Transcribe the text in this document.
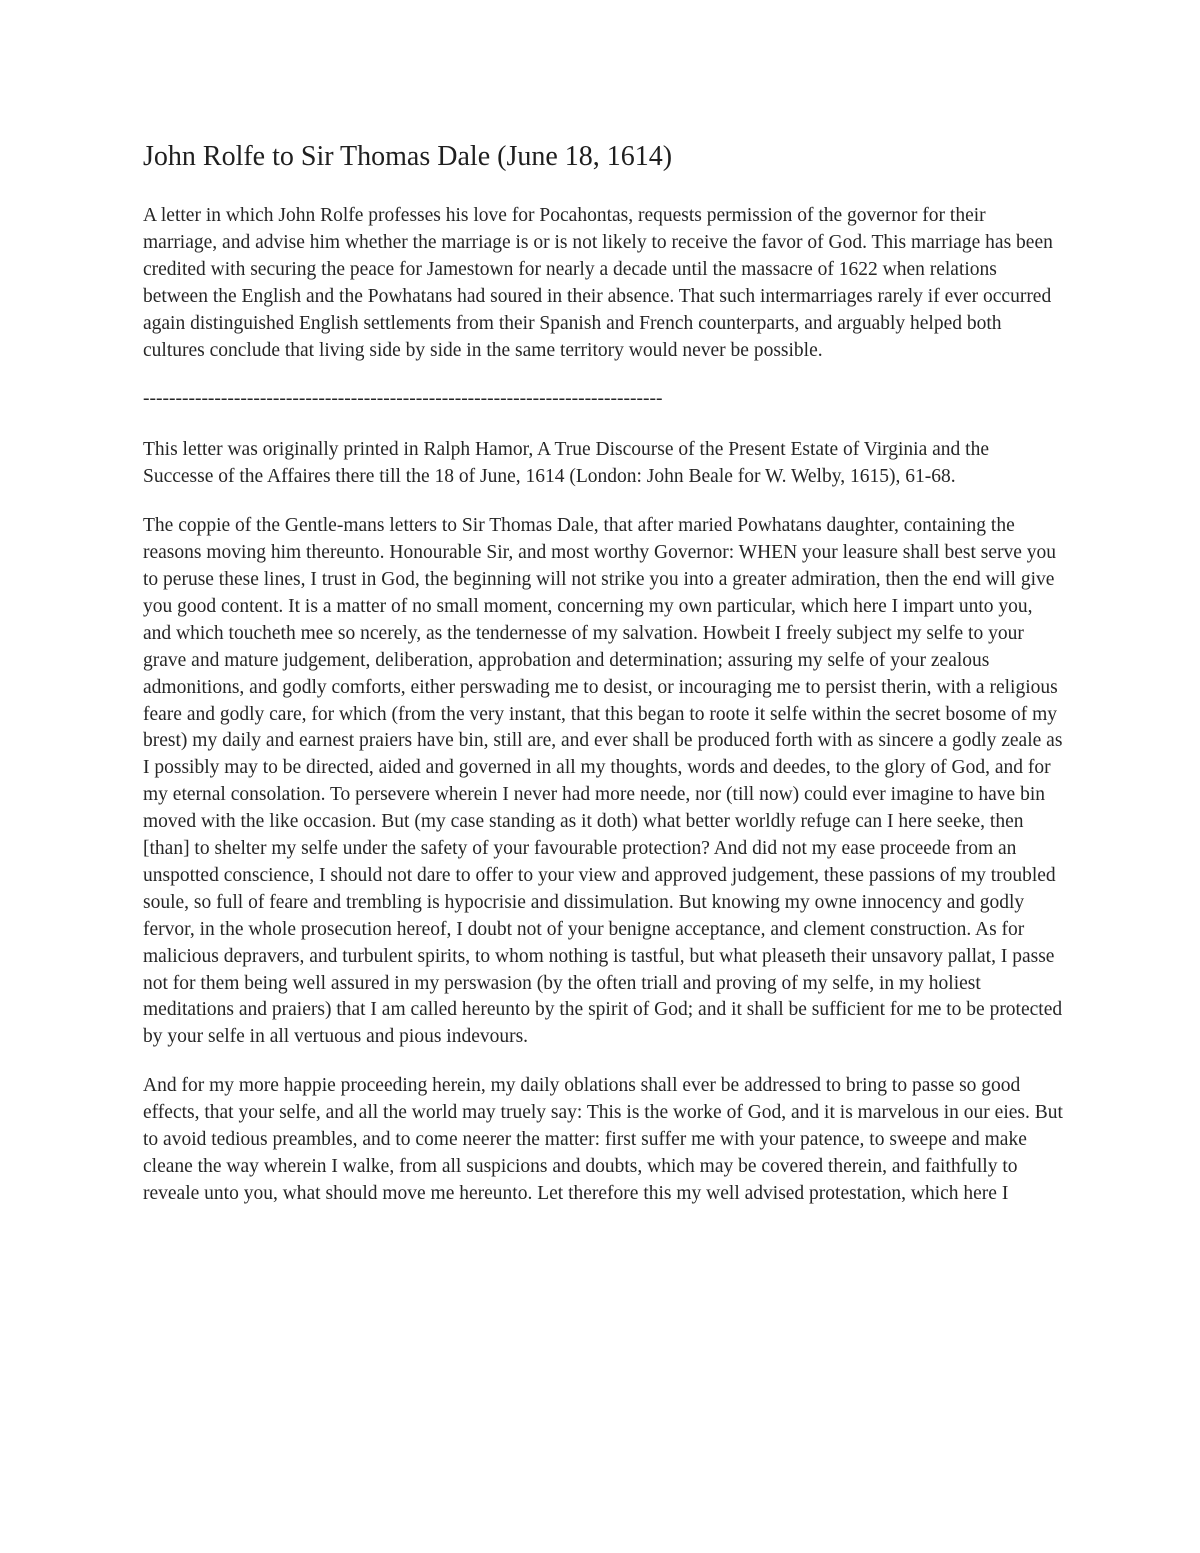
John Rolfe to Sir Thomas Dale (June 18, 1614)

A letter in which John Rolfe professes his love for Pocahontas, requests permission of the governor for their marriage, and advise him whether the marriage is or is not likely to receive the favor of God. This marriage has been credited with securing the peace for Jamestown for nearly a decade until the massacre of 1622 when relations between the English and the Powhatans had soured in their absence. That such intermarriages rarely if ever occurred again distinguished English settlements from their Spanish and French counterparts, and arguably helped both cultures conclude that living side by side in the same territory would never be possible.

--------------------------------------------------------------------------------

This letter was originally printed in Ralph Hamor, A True Discourse of the Present Estate of Virginia and the Successe of the Affaires there till the 18 of June, 1614 (London: John Beale for W. Welby, 1615), 61-68.

The coppie of the Gentle-mans letters to Sir Thomas Dale, that after maried Powhatans daughter, containing the reasons moving him thereunto. Honourable Sir, and most worthy Governor: WHEN your leasure shall best serve you to peruse these lines, I trust in God, the beginning will not strike you into a greater admiration, then the end will give you good content. It is a matter of no small moment, concerning my own particular, which here I impart unto you, and which toucheth mee so ncerely, as the tendernesse of my salvation. Howbeit I freely subject my selfe to your grave and mature judgement, deliberation, approbation and determination; assuring my selfe of your zealous admonitions, and godly comforts, either perswading me to desist, or incouraging me to persist therin, with a religious feare and godly care, for which (from the very instant, that this began to roote it selfe within the secret bosome of my brest) my daily and earnest praiers have bin, still are, and ever shall be produced forth with as sincere a godly zeale as I possibly may to be directed, aided and governed in all my thoughts, words and deedes, to the glory of God, and for my eternal consolation. To persevere wherein I never had more neede, nor (till now) could ever imagine to have bin moved with the like occasion. But (my case standing as it doth) what better worldly refuge can I here seeke, then [than] to shelter my selfe under the safety of your favourable protection? And did not my ease proceede from an unspotted conscience, I should not dare to offer to your view and approved judgement, these passions of my troubled soule, so full of feare and trembling is hypocrisie and dissimulation. But knowing my owne innocency and godly fervor, in the whole prosecution hereof, I doubt not of your benigne acceptance, and clement construction. As for malicious depravers, and turbulent spirits, to whom nothing is tastful, but what pleaseth their unsavory pallat, I passe not for them being well assured in my perswasion (by the often triall and proving of my selfe, in my holiest meditations and praiers) that I am called hereunto by the spirit of God; and it shall be sufficient for me to be protected by your selfe in all vertuous and pious indevours.

And for my more happie proceeding herein, my daily oblations shall ever be addressed to bring to passe so good effects, that your selfe, and all the world may truely say: This is the worke of God, and it is marvelous in our eies. But to avoid tedious preambles, and to come neerer the matter: first suffer me with your patence, to sweepe and make cleane the way wherein I walke, from all suspicions and doubts, which may be covered therein, and faithfully to reveale unto you, what should move me hereunto. Let therefore this my well advised protestation, which here I
